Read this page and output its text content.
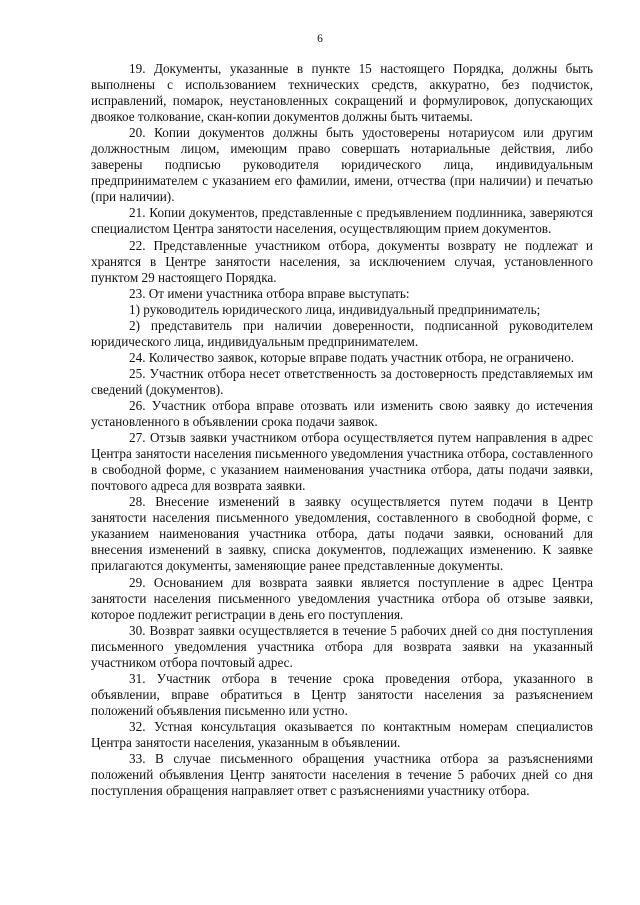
6

19. Документы, указанные в пункте 15 настоящего Порядка, должны быть выполнены с использованием технических средств, аккуратно, без подчисток, исправлений, помарок, неустановленных сокращений и формулировок, допускающих двоякое толкование, скан-копии документов должны быть читаемы.

20. Копии документов должны быть удостоверены нотариусом или другим должностным лицом, имеющим право совершать нотариальные действия, либо заверены подписью руководителя юридического лица, индивидуальным предпринимателем с указанием его фамилии, имени, отчества (при наличии) и печатью (при наличии).

21. Копии документов, представленные с предъявлением подлинника, заверяются специалистом Центра занятости населения, осуществляющим прием документов.

22. Представленные участником отбора, документы возврату не подлежат и хранятся в Центре занятости населения, за исключением случая, установленного пунктом 29 настоящего Порядка.

23. От имени участника отбора вправе выступать:

1) руководитель юридического лица, индивидуальный предприниматель;

2) представитель при наличии доверенности, подписанной руководителем юридического лица, индивидуальным предпринимателем.

24. Количество заявок, которые вправе подать участник отбора, не ограничено.

25. Участник отбора несет ответственность за достоверность представляемых им сведений (документов).

26. Участник отбора вправе отозвать или изменить свою заявку до истечения установленного в объявлении срока подачи заявок.

27. Отзыв заявки участником отбора осуществляется путем направления в адрес Центра занятости населения письменного уведомления участника отбора, составленного в свободной форме, с указанием наименования участника отбора, даты подачи заявки, почтового адреса для возврата заявки.

28. Внесение изменений в заявку осуществляется путем подачи в Центр занятости населения письменного уведомления, составленного в свободной форме, с указанием наименования участника отбора, даты подачи заявки, оснований для внесения изменений в заявку, списка документов, подлежащих изменению. К заявке прилагаются документы, заменяющие ранее представленные документы.

29. Основанием для возврата заявки является поступление в адрес Центра занятости населения письменного уведомления участника отбора об отзыве заявки, которое подлежит регистрации в день его поступления.

30. Возврат заявки осуществляется в течение 5 рабочих дней со дня поступления письменного уведомления участника отбора для возврата заявки на указанный участником отбора почтовый адрес.

31. Участник отбора в течение срока проведения отбора, указанного в объявлении, вправе обратиться в Центр занятости населения за разъяснением положений объявления письменно или устно.

32. Устная консультация оказывается по контактным номерам специалистов Центра занятости населения, указанным в объявлении.

33. В случае письменного обращения участника отбора за разъяснениями положений объявления Центр занятости населения в течение 5 рабочих дней со дня поступления обращения направляет ответ с разъяснениями участнику отбора.
